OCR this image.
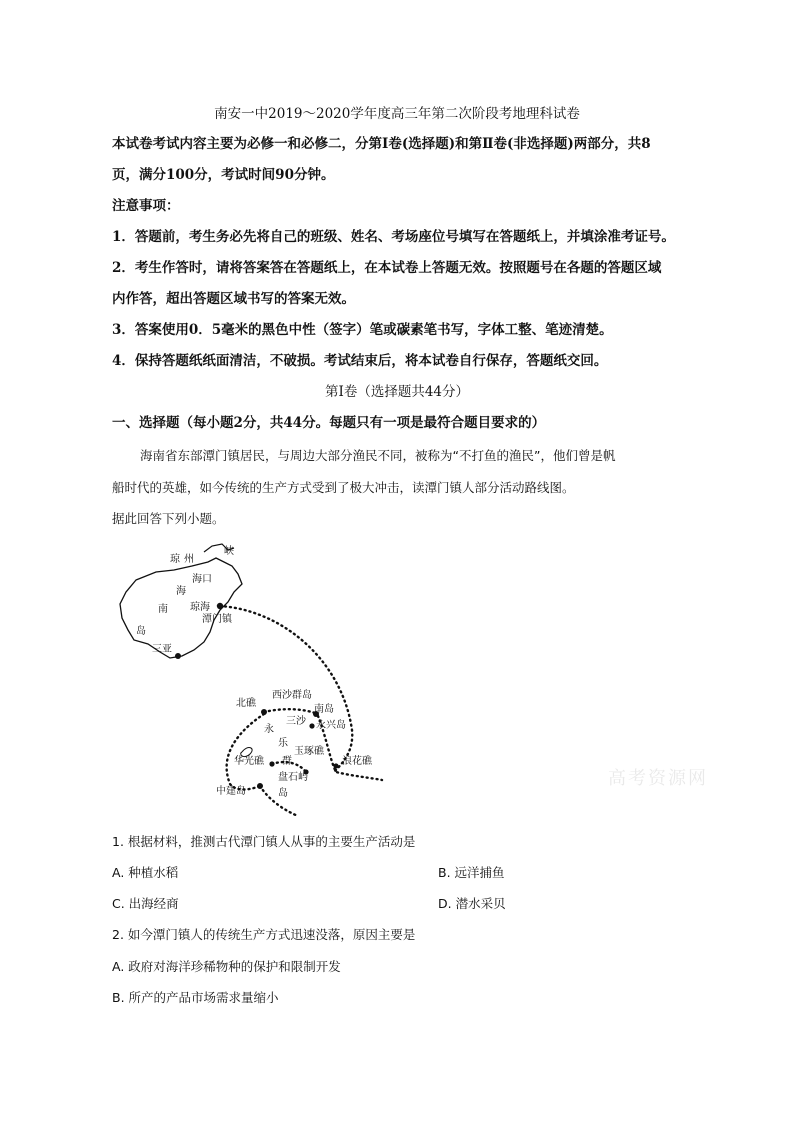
南安一中2019～2020学年度高三年第二次阶段考地理科试卷
本试卷考试内容主要为必修一和必修二，分第Ⅰ卷(选择题)和第Ⅱ卷(非选择题)两部分，共8
页，满分100分，考试时间90分钟。
注意事项：
1．答题前，考生务必先将自己的班级、姓名、考场座位号填写在答题纸上，并填涂准考证号。
2．考生作答时，请将答案答在答题纸上，在本试卷上答题无效。按照题号在各题的答题区域
内作答，超出答题区域书写的答案无效。
3．答案使用0．5毫米的黑色中性（签字）笔或碳素笔书写，字体工整、笔迹清楚。
4．保持答题纸纸面清洁，不破损。考试结束后，将本试卷自行保存，答题纸交回。
第Ⅰ卷（选择题共44分）
一、选择题（每小题2分，共44分。每题只有一项是最符合题目要求的）
海南省东部潭门镇居民，与周边大部分渔民不同，被称为“不打鱼的渔民”，他们曾是帆
船时代的英雄，如今传统的生产方式受到了极大冲击，读潭门镇人部分活动路线图。
据此回答下列小题。
琼 州
峡
海口
海
琼海
南
潭门镇
岛
三亚
西沙群岛
北礁
南岛
三沙
永	永兴岛
乐
华光礁 群
玉琢礁
浪花礁
盘石屿
中建岛	岛
高考资源网
1. 根据材料，推测古代潭门镇人从事的主要生产活动是
A. 种植水稻	B. 远洋捕鱼
C. 出海经商	D. 潜水采贝
2. 如今潭门镇人的传统生产方式迅速没落，原因主要是
A. 政府对海洋珍稀物种的保护和限制开发
B. 所产的产品市场需求量缩小
